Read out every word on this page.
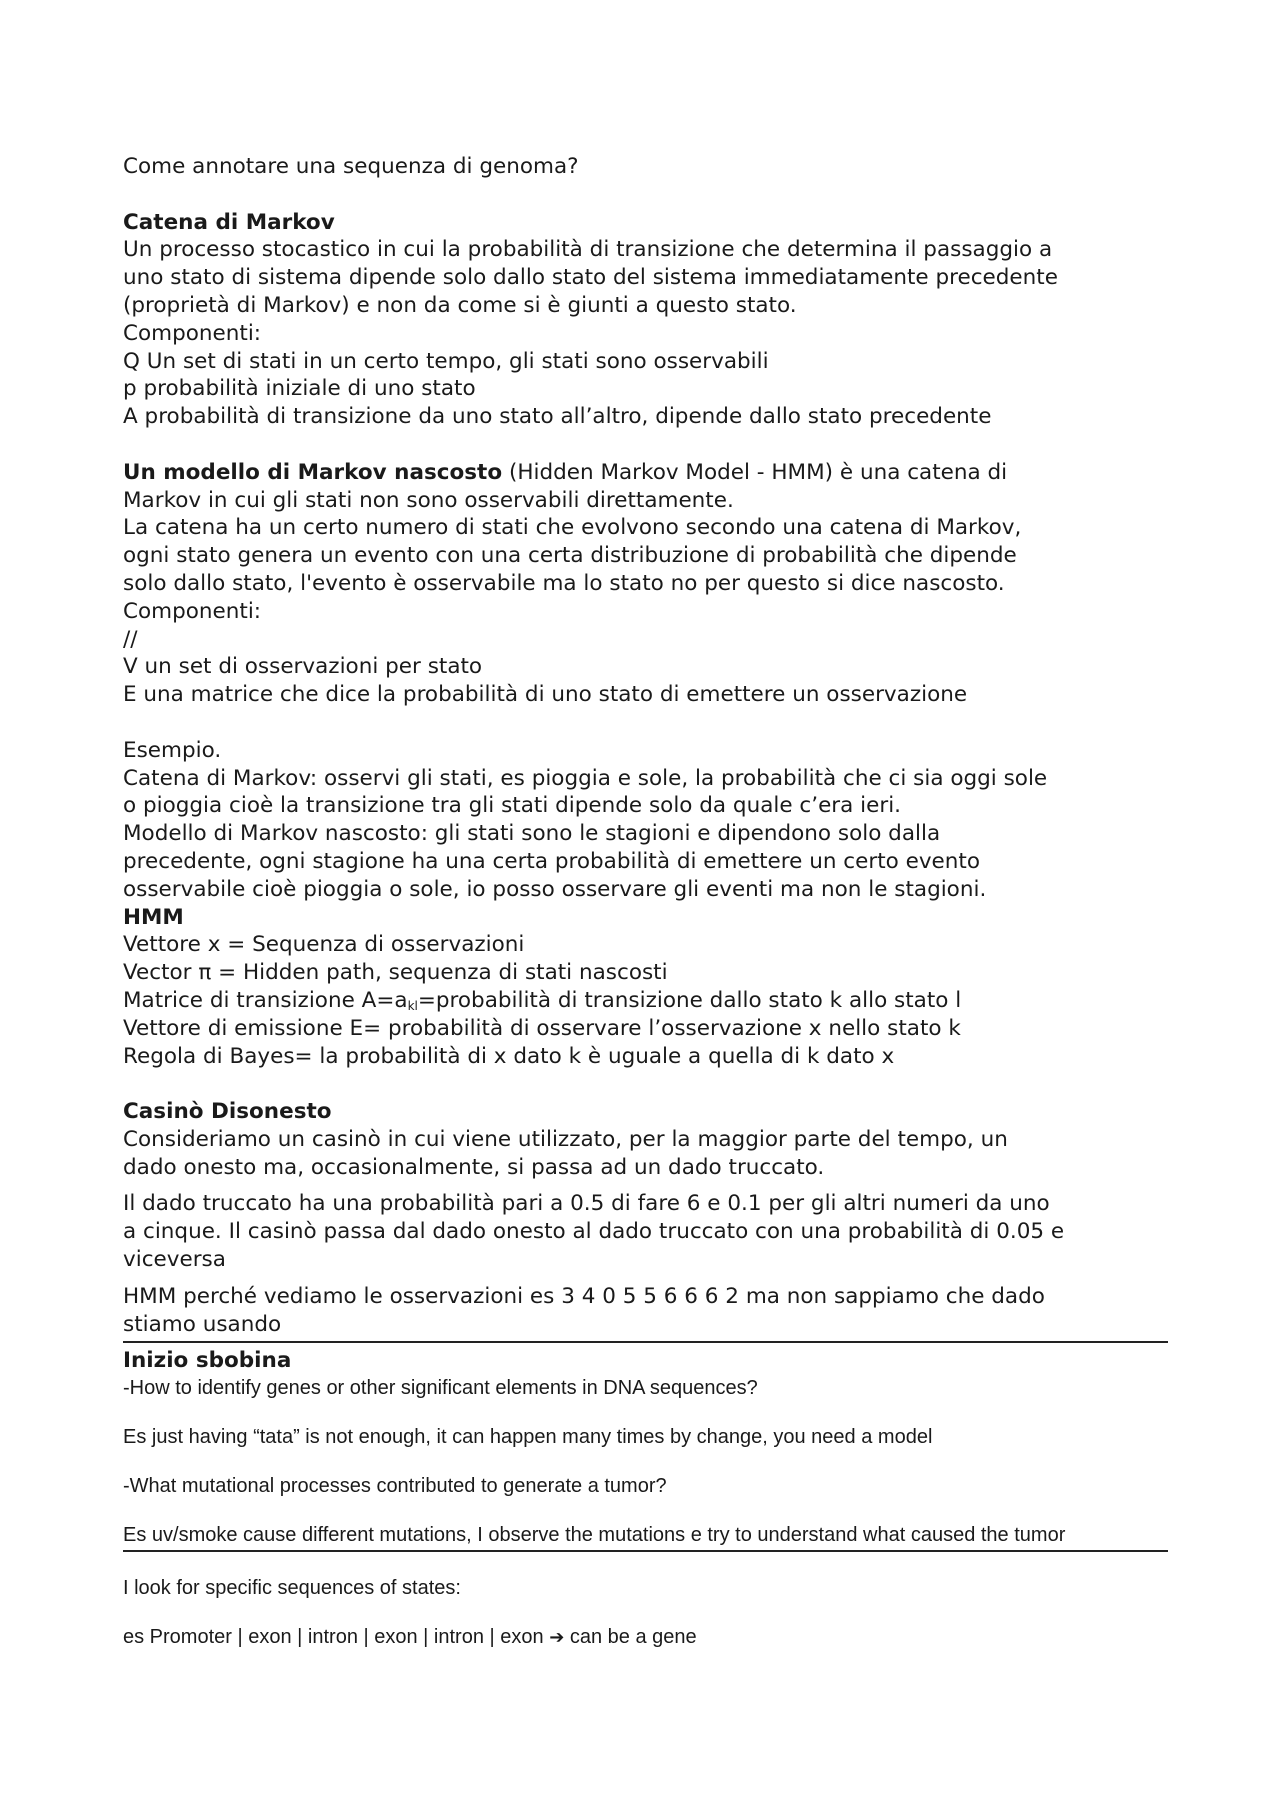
Come annotare una sequenza di genoma?

Catena di Markov

Un processo stocastico in cui la probabilità di transizione che determina il passaggio a

uno stato di sistema dipende solo dallo stato del sistema immediatamente precedente

(proprietà di Markov) e non da come si è giunti a questo stato.

Componenti:

Q Un set di stati in un certo tempo, gli stati sono osservabili

p probabilità iniziale di uno stato

A probabilità di transizione da uno stato all’altro, dipende dallo stato precedente

Un modello di Markov nascosto (Hidden Markov Model - HMM) è una catena di

Markov in cui gli stati non sono osservabili direttamente.

La catena ha un certo numero di stati che evolvono secondo una catena di Markov,

ogni stato genera un evento con una certa distribuzione di probabilità che dipende

solo dallo stato, l'evento è osservabile ma lo stato no per questo si dice nascosto.

Componenti:

//

V un set di osservazioni per stato

E una matrice che dice la probabilità di uno stato di emettere un osservazione

Esempio.

Catena di Markov: osservi gli stati, es pioggia e sole, la probabilità che ci sia oggi sole

o pioggia cioè la transizione tra gli stati dipende solo da quale c’era ieri.

Modello di Markov nascosto: gli stati sono le stagioni e dipendono solo dalla

precedente, ogni stagione ha una certa probabilità di emettere un certo evento

osservabile cioè pioggia o sole, io posso osservare gli eventi ma non le stagioni.

HMM

Vettore x = Sequenza di osservazioni

Vector π = Hidden path, sequenza di stati nascosti

Matrice di transizione $A=a_{kl}=probabilità$ di transizione dallo stato k allo stato l

Vettore di emissione E= probabilità di osservare l’osservazione x nello stato k

Regola di Bayes= la probabilità di x dato k è uguale a quella di k dato x

Casinò Disonesto

Consideriamo un casinò in cui viene utilizzato, per la maggior parte del tempo, un

dado onesto ma, occasionalmente, si passa ad un dado truccato.

Il dado truccato ha una probabilità pari a 0.5 di fare 6 e 0.1 per gli altri numeri da uno

a cinque. Il casinò passa dal dado onesto al dado truccato con una probabilità di 0.05 e

viceversa

HMM perché vediamo le osservazioni es 3 4 0 5 5 6 6 6 2 ma non sappiamo che dado

stiamo usando

Inizio sbobina

-How to identify genes or other significant elements in DNA sequences?

Es just having “tata” is not enough, it can happen many times by change, you need a model

-What mutational processes contributed to generate a tumor?

Es uv/smoke cause different mutations, I observe the mutations e try to understand what caused the tumor

I look for specific sequences of states:

es Promoter | exon | intron | exon | intron | exon ➔ can be a gene
